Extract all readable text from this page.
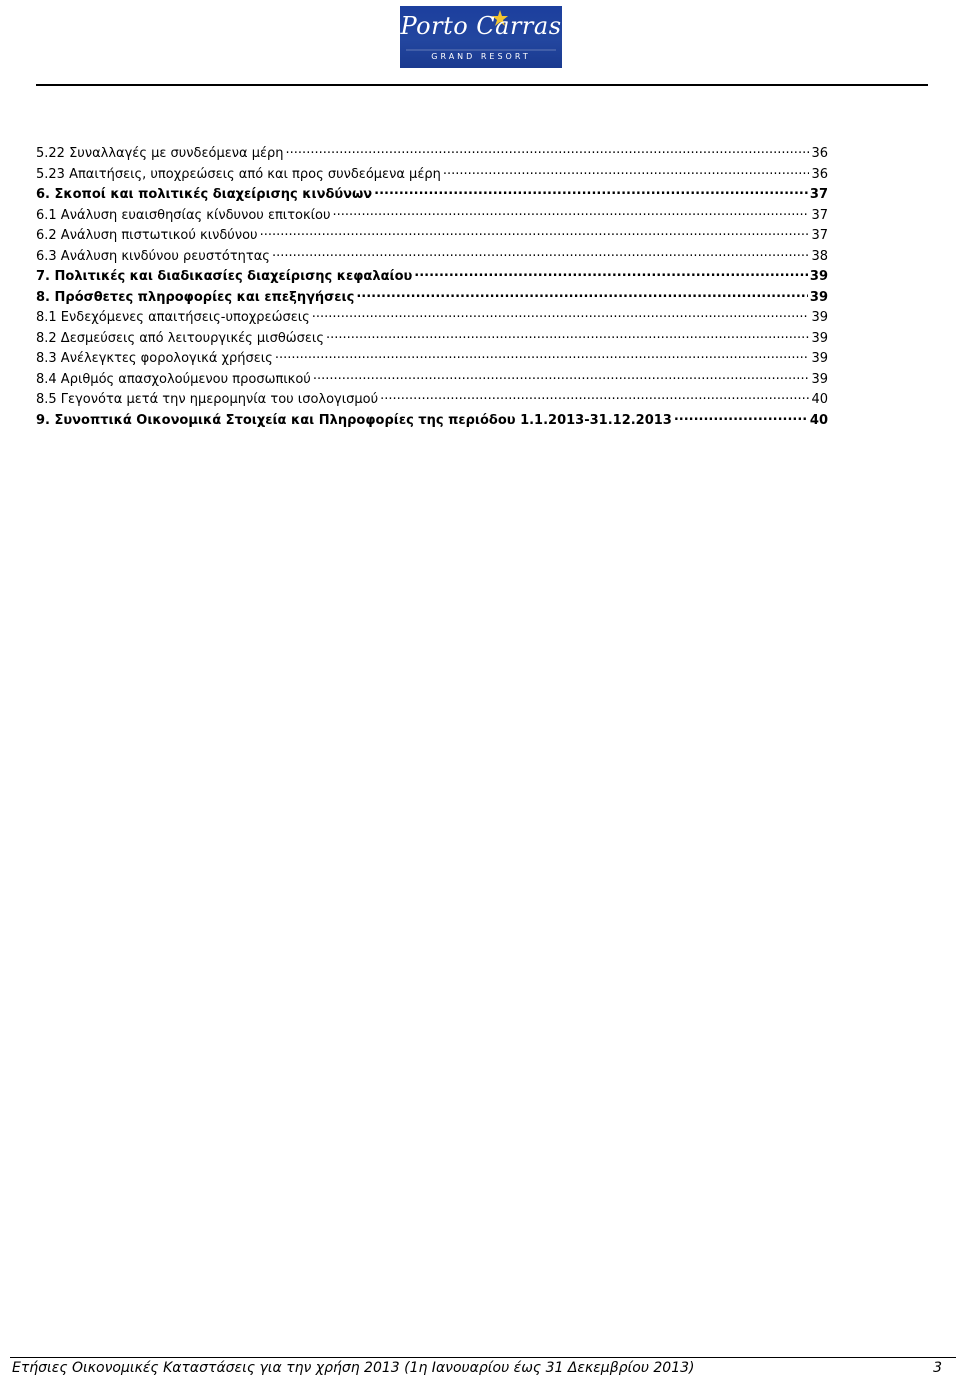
Porto Carras
GRAND RESORT
5.22 Συναλλαγές με συνδεόμενα μέρη .....	36
5.23 Απαιτήσεις, υποχρεώσεις από και προς συνδεόμενα μέρη .....	36
6. Σκοποί και πολιτικές διαχείρισης κινδύνων .....	37
6.1 Ανάλυση ευαισθησίας κίνδυνου επιτοκίου .....	37
6.2 Ανάλυση πιστωτικού κινδύνου .....	37
6.3 Ανάλυση κινδύνου ρευστότητας .....	38
7. Πολιτικές και διαδικασίες διαχείρισης κεφαλαίου .....	39
8. Πρόσθετες πληροφορίες και επεξηγήσεις .....	39
8.1 Ενδεχόμενες απαιτήσεις-υποχρεώσεις .....	39
8.2 Δεσμεύσεις από λειτουργικές μισθώσεις .....	39
8.3 Ανέλεγκτες φορολογικά χρήσεις .....	39
8.4 Αριθμός απασχολούμενου προσωπικού .....	39
8.5 Γεγονότα μετά την ημερομηνία του ισολογισμού .....	40
9. Συνοπτικά Οικονομικά Στοιχεία και Πληροφορίες της περιόδου 1.1.2013-31.12.2013 .....	40
Ετήσιες Οικονομικές Καταστάσεις για την χρήση 2013 (1η Ιανουαρίου έως 31 Δεκεμβρίου 2013)	3
